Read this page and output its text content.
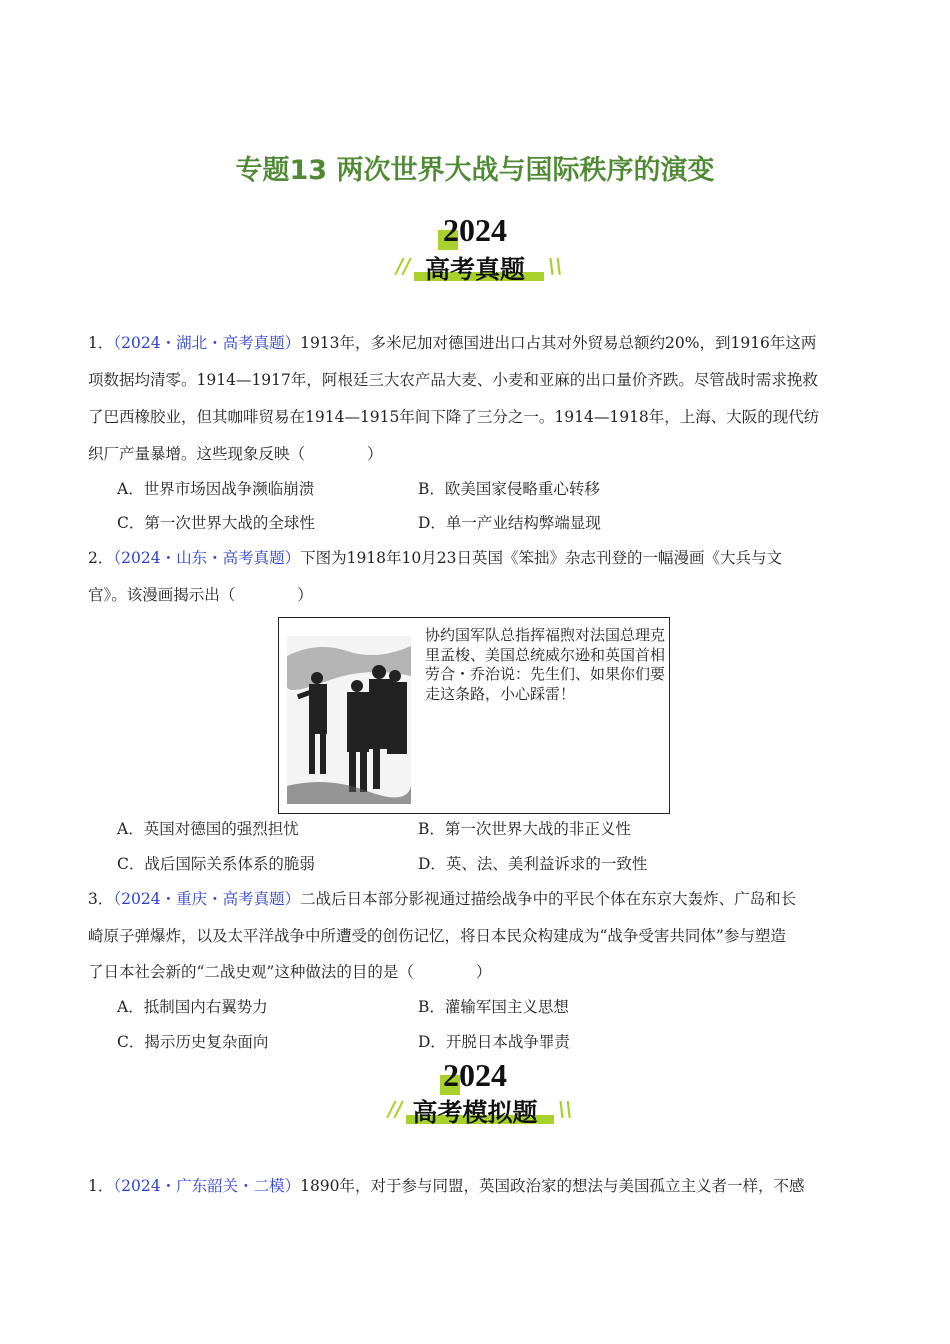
专题13 两次世界大战与国际秩序的演变
2024
高考真题
//	\\
1．（2024・湖北・高考真题）1913年，多米尼加对德国进出口占其对外贸易总额约20%，到1916年这两
项数据均清零。1914—1917年，阿根廷三大农产品大麦、小麦和亚麻的出口量价齐跌。尽管战时需求挽救
了巴西橡胶业，但其咖啡贸易在1914—1915年间下降了三分之一。1914—1918年，上海、大阪的现代纺
织厂产量暴增。这些现象反映（　　　　）
A．世界市场因战争濒临崩溃	B．欧美国家侵略重心转移
C．第一次世界大战的全球性	D．单一产业结构弊端显现
2．（2024・山东・高考真题）下图为1918年10月23日英国《笨拙》杂志刊登的一幅漫画《大兵与文
官》。该漫画揭示出（　　　　）
协约国军队总指挥福煦对法国总理克里孟梭、美国总统威尔逊和英国首相劳合・乔治说：先生们、如果你们要走这条路，小心踩雷！
A．英国对德国的强烈担忧	B．第一次世界大战的非正义性
C．战后国际关系体系的脆弱	D．英、法、美利益诉求的一致性
3．（2024・重庆・高考真题）二战后日本部分影视通过描绘战争中的平民个体在东京大轰炸、广岛和长
崎原子弹爆炸，以及太平洋战争中所遭受的创伤记忆，将日本民众构建成为“战争受害共同体”参与塑造
了日本社会新的“二战史观”这种做法的目的是（　　　　）
A．抵制国内右翼势力	B．灌输军国主义思想
C．揭示历史复杂面向	D．开脱日本战争罪责
2024
高考模拟题
//	\\
1．（2024・广东韶关・二模）1890年，对于参与同盟，英国政治家的想法与美国孤立主义者一样，不感
